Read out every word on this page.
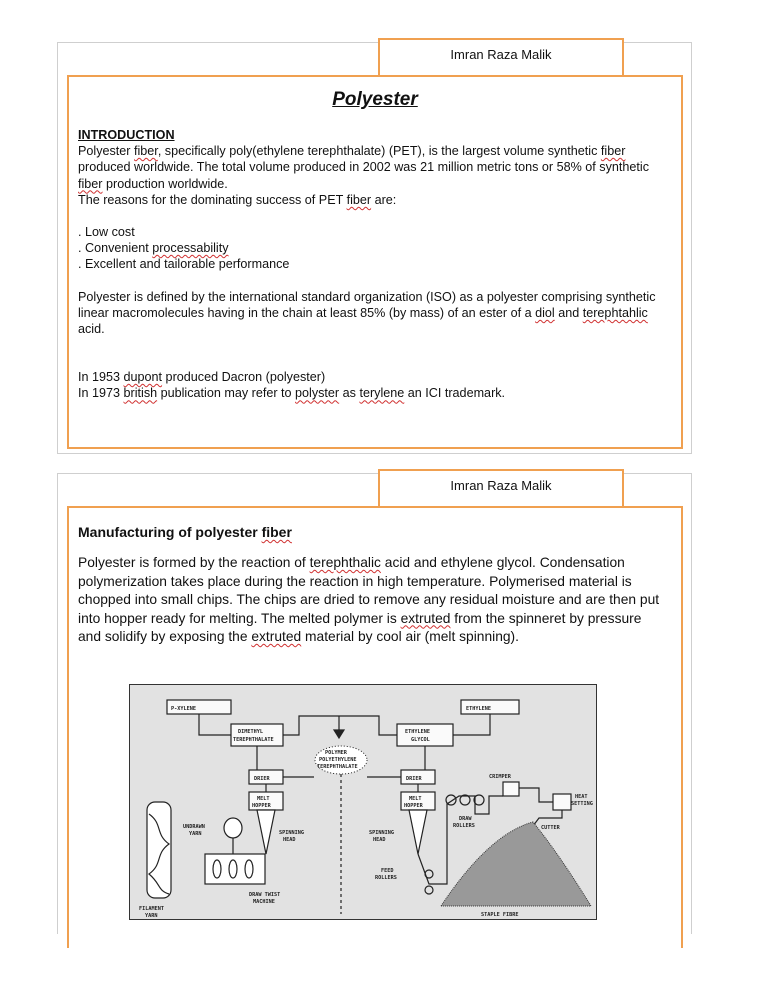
Imran Raza Malik
Polyester

INTRODUCTION

Polyester fiber, specifically poly(ethylene terephthalate) (PET), is the largest volume synthetic fiber produced worldwide. The total volume produced in 2002 was 21 million metric tons or 58% of synthetic fiber production worldwide.

The reasons for the dominating success of PET fiber are:

. Low cost

. Convenient processability

. Excellent and tailorable performance

Polyester is defined by the international standard organization (ISO) as a polyester comprising synthetic linear macromolecules having in the chain at least 85% (by mass) of an ester of a diol and terephtahlic acid.

In 1953 dupont produced Dacron (polyester)

In 1973 british publication may refer to polyster as terylene an ICI trademark.

Imran Raza Malik

Manufacturing of polyester fiber

Polyester is formed by the reaction of terephthalic acid and ethylene glycol. Condensation polymerization takes place during the reaction in high temperature. Polymerised material is chopped into small chips. The chips are dried to remove any residual moisture and are then put into hopper ready for melting. The melted polymer is extruted from the spinneret by pressure and solidify by exposing the extruted material by cool air (melt spinning).

P-XYLENE	ETHYLENE
DIMETHYL
TEREPHTHALATE
ETHYLENE
GLYCOL
POLYMER
POLYETHYLENE
TEREPHTHALATE
DRIER	DRIER
MELT
HOPPER
MELT
HOPPER
SPINNING
HEAD
SPINNING
HEAD
UNDRAWN
YARN
FILAMENT
YARN
DRAW TWIST
MACHINE
FEED
ROLLERS
DRAW
ROLLERS
CRIMPER
HEAT
SETTING
CUTTER
STAPLE FIBRE
